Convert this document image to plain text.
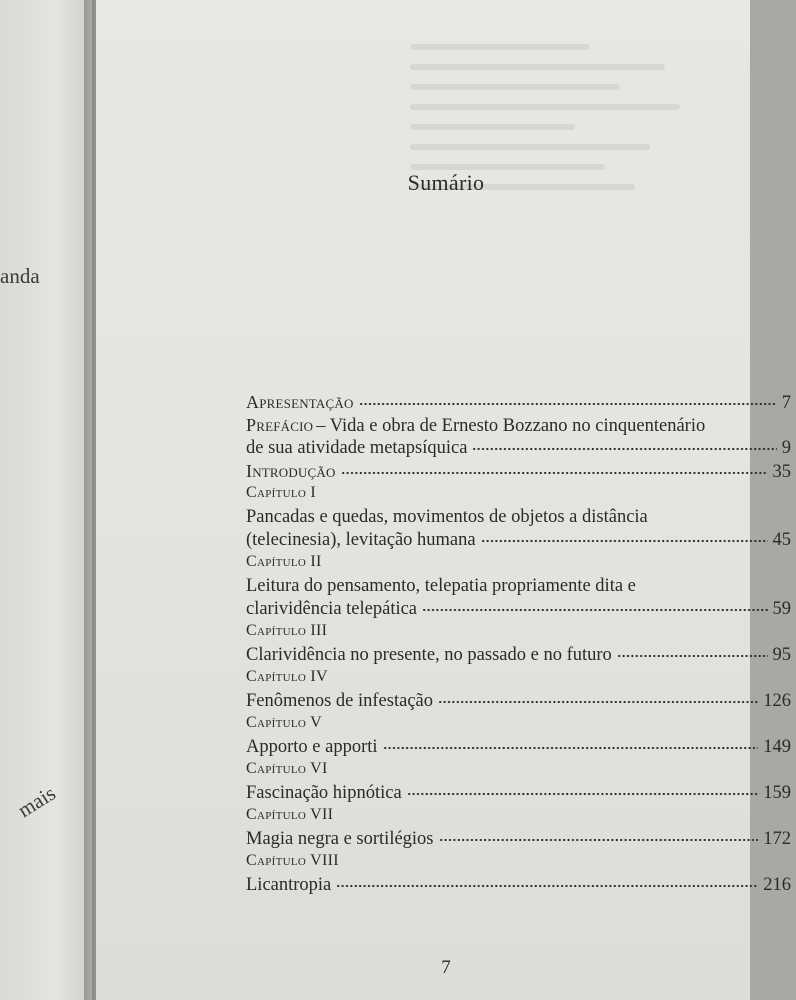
anda
mais
Sumário
Apresentação	7
Prefácio – Vida e obra de Ernesto Bozzano no cinquentenário
de sua atividade metapsíquica	9
Introdução	35
Capítulo I
Pancadas e quedas, movimentos de objetos a distância
(telecinesia), levitação humana	45
Capítulo II
Leitura do pensamento, telepatia propriamente dita e
clarividência telepática	59
Capítulo III
Clarividência no presente, no passado e no futuro	95
Capítulo IV
Fenômenos de infestação	126
Capítulo V
Apporto e apporti	149
Capítulo VI
Fascinação hipnótica	159
Capítulo VII
Magia negra e sortilégios	172
Capítulo VIII
Licantropia	216
7
